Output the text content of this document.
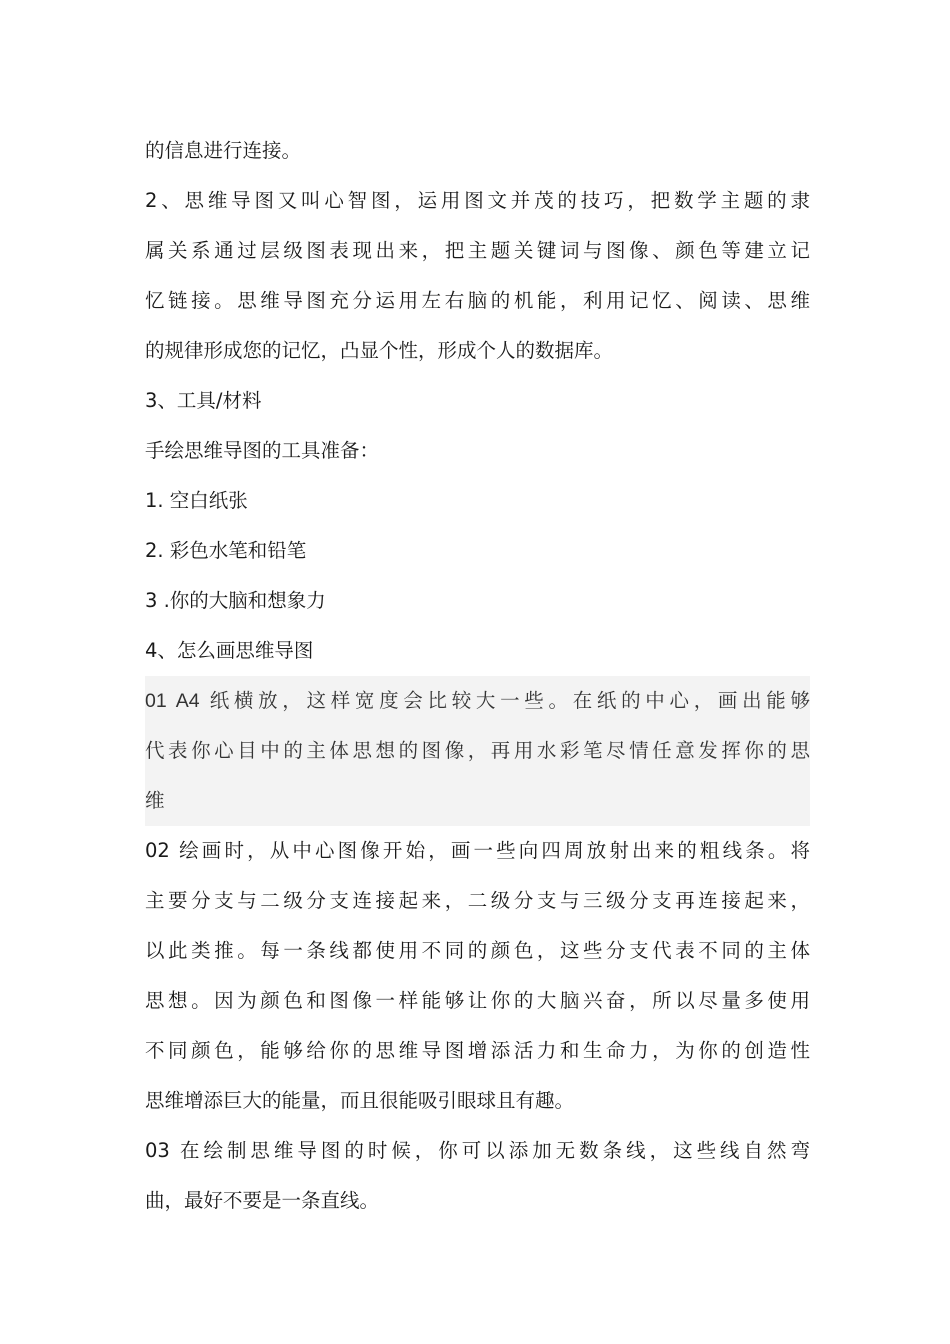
的信息进行连接。
2、思维导图又叫心智图，运用图文并茂的技巧，把数学主题的隶
属关系通过层级图表现出来，把主题关键词与图像、颜色等建立记
忆链接。思维导图充分运用左右脑的机能，利用记忆、阅读、思维
的规律形成您的记忆，凸显个性，形成个人的数据库。
3、工具/材料
手绘思维导图的工具准备：
1. 空白纸张
2. 彩色水笔和铅笔
3 .你的大脑和想象力
4、怎么画思维导图
01 A4 纸横放，这样宽度会比较大一些。在纸的中心，画出能够
代表你心目中的主体思想的图像，再用水彩笔尽情任意发挥你的思
维
02 绘画时，从中心图像开始，画一些向四周放射出来的粗线条。将
主要分支与二级分支连接起来，二级分支与三级分支再连接起来，
以此类推。每一条线都使用不同的颜色，这些分支代表不同的主体
思想。因为颜色和图像一样能够让你的大脑兴奋，所以尽量多使用
不同颜色，能够给你的思维导图增添活力和生命力，为你的创造性
思维增添巨大的能量，而且很能吸引眼球且有趣。
03 在绘制思维导图的时候，你可以添加无数条线，这些线自然弯
曲，最好不要是一条直线。
